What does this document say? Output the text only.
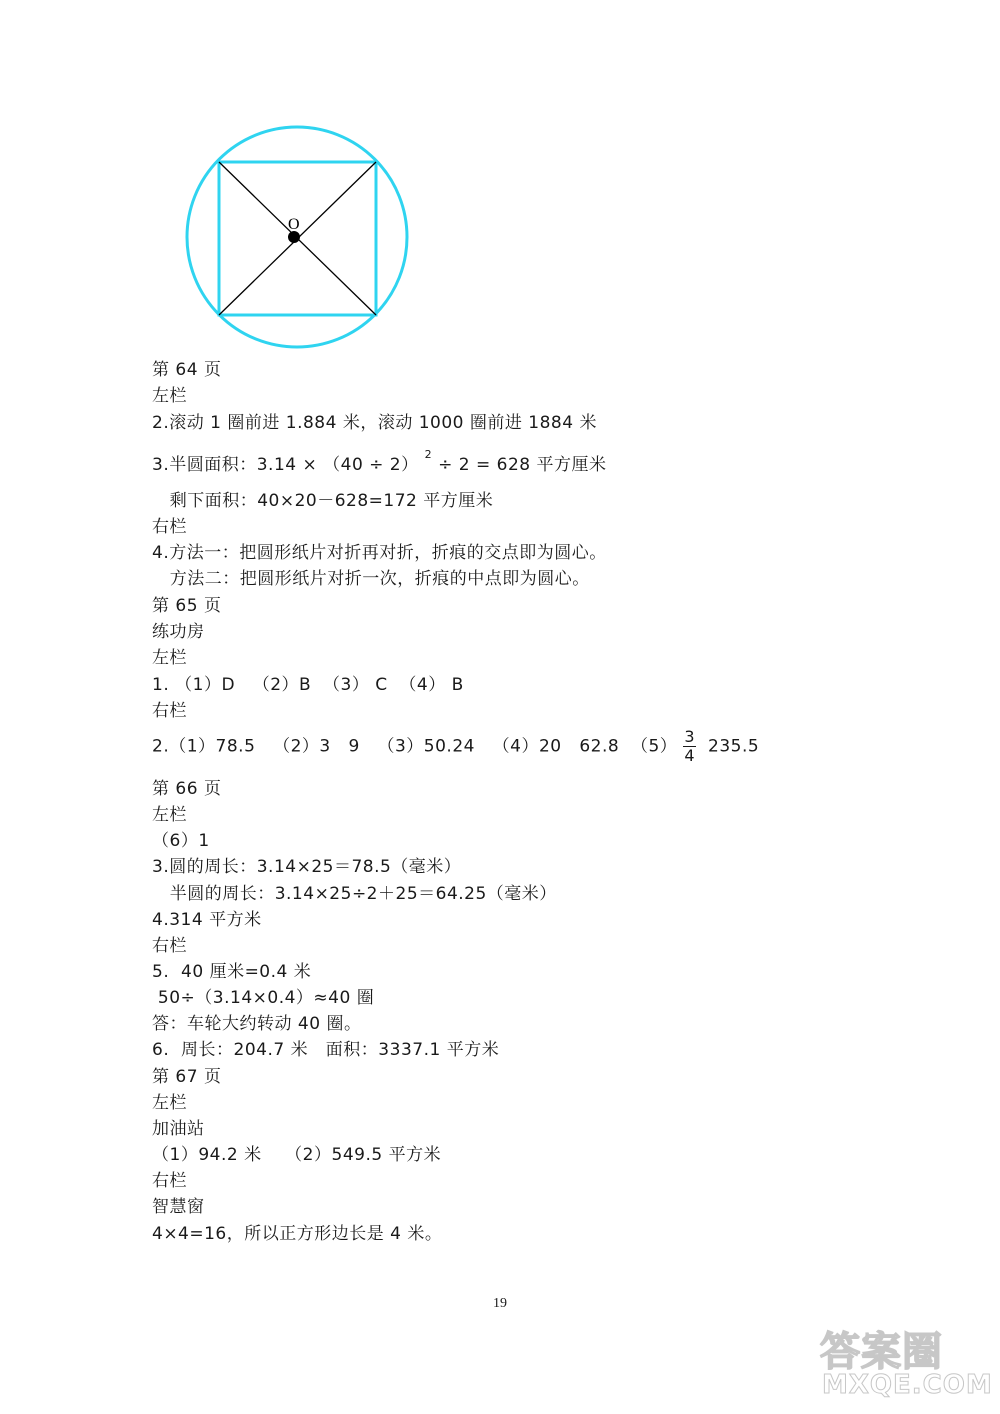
O
第 64 页
左栏
2.滚动 1 圈前进 1.884 米，滚动 1000 圈前进 1884 米
3.半圆面积：$3.14 \times (40 \div 2)^2\div 2 = 628$ 平方厘米
剩下面积：40×20－628=172 平方厘米
右栏
4.方法一：把圆形纸片对折再对折，折痕的交点即为圆心。
方法二：把圆形纸片对折一次，折痕的中点即为圆心。
第 65 页
练功房
左栏
1. （1）D   （2）B  （3） C  （4） B
右栏
2.（1）78.5   （2）3   9   （3）50.24   （4）20   62.8  $(5) \frac{3}{4} 235.5$
第 66 页
左栏
（6）1
3.圆的周长：3.14×25＝78.5（毫米）
半圆的周长：3.14×25÷2＋25＝64.25（毫米）
4.314 平方米
右栏
5.  40 厘米=0.4 米
50÷（3.14×0.4）≈40 圈
答：车轮大约转动 40 圈。
6.  周长：204.7 米   面积：3337.1 平方米
第 67 页
左栏
加油站
（1）94.2 米    （2）549.5 平方米
右栏
智慧窗
4×4=16，所以正方形边长是 4 米。
19
答案圈
MXQE.COM
